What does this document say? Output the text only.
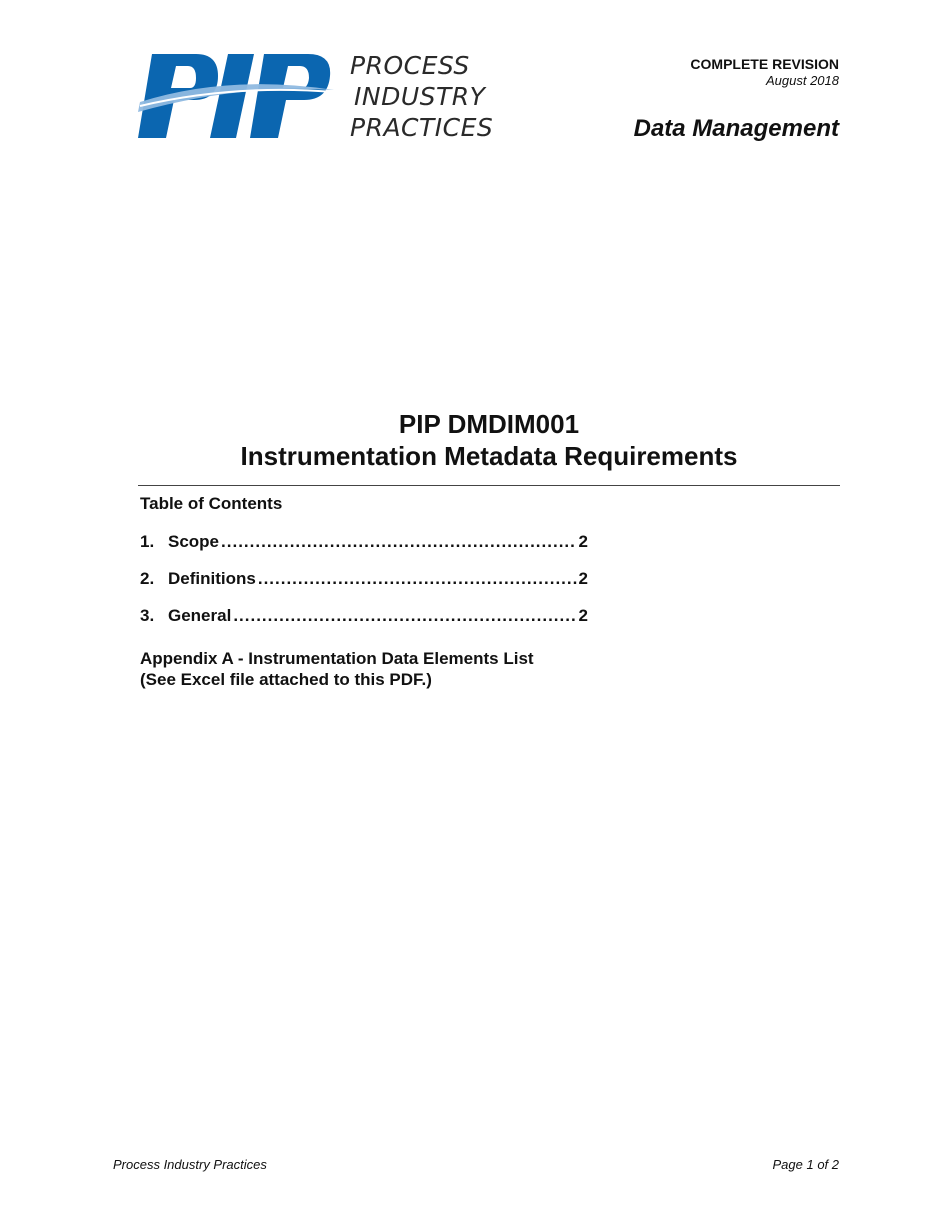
PROCESS
INDUSTRY
PRACTICES
COMPLETE REVISION
August 2018
Data Management
PIP DMDIM001
Instrumentation Metadata Requirements
Table of Contents
1. Scope .....	2
2. Definitions .....	2
3. General .....	2
Appendix A - Instrumentation Data Elements List
(See Excel file attached to this PDF.)
Process Industry Practices	Page 1 of 2
